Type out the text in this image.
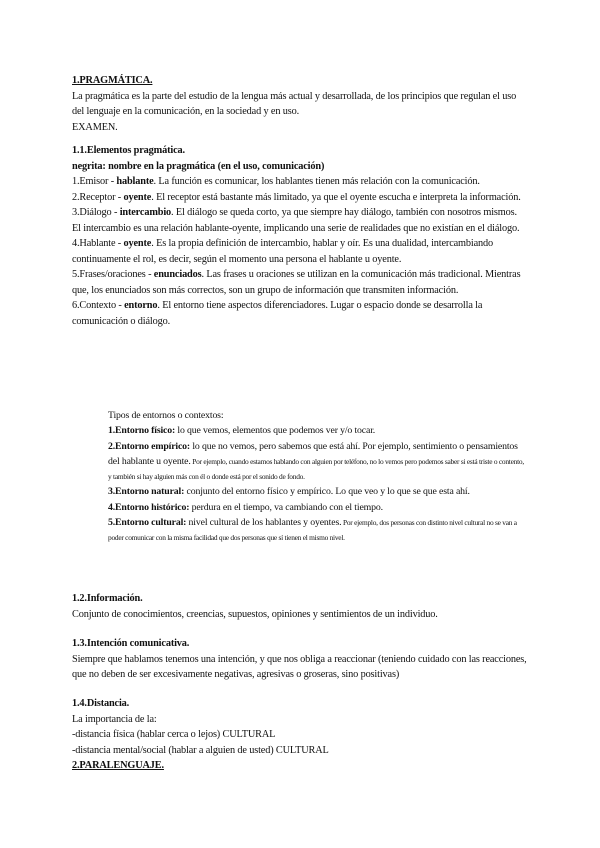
1.PRAGMÁTICA.

La pragmática es la parte del estudio de la lengua más actual y desarrollada, de los principios que regulan el uso del lenguaje en la comunicación, en la sociedad y en uso.

EXAMEN.

1.1.Elementos pragmática.

negrita: nombre en la pragmática (en el uso, comunicación)

1.Emisor - hablante. La función es comunicar, los hablantes tienen más relación con la comunicación.

2.Receptor - oyente. El receptor está bastante más limitado, ya que el oyente escucha e interpreta la información.

3.Diálogo - intercambio. El diálogo se queda corto, ya que siempre hay diálogo, también con nosotros mismos.

El intercambio es una relación hablante-oyente, implicando una serie de realidades que no existían en el diálogo.

4.Hablante - oyente. Es la propia definición de intercambio, hablar y oír. Es una dualidad, intercambiando continuamente el rol, es decir, según el momento una persona el hablante u oyente.

5.Frases/oraciones - enunciados. Las frases u oraciones se utilizan en la comunicación más tradicional. Mientras que, los enunciados son más correctos, son un grupo de información que transmiten información.

6.Contexto - entorno. El entorno tiene aspectos diferenciadores. Lugar o espacio donde se desarrolla la comunicación o diálogo.

Tipos de entornos o contextos:

1.Entorno físico: lo que vemos, elementos que podemos ver y/o tocar.

2.Entorno empírico: lo que no vemos, pero sabemos que está ahí. Por ejemplo, sentimiento o pensamientos del hablante u oyente. Por ejemplo, cuando estamos hablando con alguien por teléfono, no lo vemos pero podemos saber si está triste o contento, y también si hay alguien más con él o donde está por el sonido de fondo.

3.Entorno natural: conjunto del entorno físico y empírico. Lo que veo y lo que se que esta ahí.

4.Entorno histórico: perdura en el tiempo, va cambiando con el tiempo.

5.Entorno cultural: nivel cultural de los hablantes y oyentes. Por ejemplo, dos personas con distinto nivel cultural no se van a poder comunicar con la misma facilidad que dos personas que sí tienen el mismo nivel.

1.2.Información.

Conjunto de conocimientos, creencias, supuestos, opiniones y sentimientos de un individuo.

1.3.Intención comunicativa.

Siempre que hablamos tenemos una intención, y que nos obliga a reaccionar (teniendo cuidado con las reacciones, que no deben de ser excesivamente negativas, agresivas o groseras, sino positivas)

1.4.Distancia.

La importancia de la:

-distancia física (hablar cerca o lejos) CULTURAL

-distancia mental/social (hablar a alguien de usted) CULTURAL

2.PARALENGUAJE.
